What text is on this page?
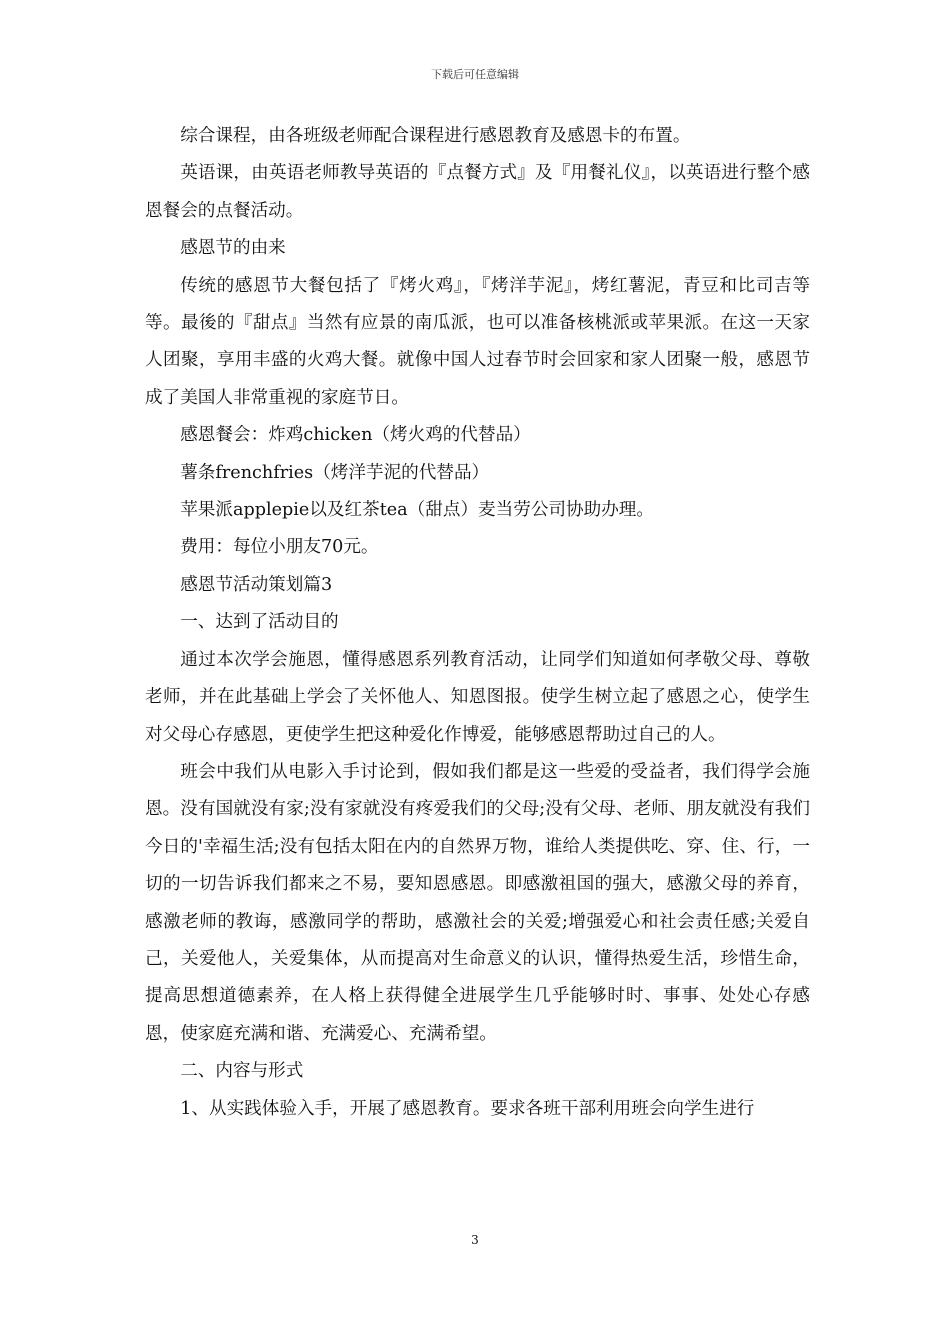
下载后可任意编辑

综合课程，由各班级老师配合课程进行感恩教育及感恩卡的布置。

英语课，由英语老师教导英语的『点餐方式』及『用餐礼仪』，以英语进行整个感恩餐会的点餐活动。

感恩节的由来

传统的感恩节大餐包括了『烤火鸡』，『烤洋芋泥』，烤红薯泥，青豆和比司吉等等。最後的『甜点』当然有应景的南瓜派，也可以准备核桃派或苹果派。在这一天家人团聚，享用丰盛的火鸡大餐。就像中国人过春节时会回家和家人团聚一般，感恩节成了美国人非常重视的家庭节日。

感恩餐会：炸鸡chicken（烤火鸡的代替品）

薯条frenchfries（烤洋芋泥的代替品）

苹果派applepie以及红茶tea（甜点）麦当劳公司协助办理。

费用：每位小朋友70元。

感恩节活动策划篇3

一、达到了活动目的

通过本次学会施恩，懂得感恩系列教育活动，让同学们知道如何孝敬父母、尊敬老师，并在此基础上学会了关怀他人、知恩图报。使学生树立起了感恩之心，使学生对父母心存感恩，更使学生把这种爱化作博爱，能够感恩帮助过自己的人。

班会中我们从电影入手讨论到，假如我们都是这一些爱的受益者，我们得学会施恩。没有国就没有家;没有家就没有疼爱我们的父母;没有父母、老师、朋友就没有我们今日的'幸福生活;没有包括太阳在内的自然界万物，谁给人类提供吃、穿、住、行，一切的一切告诉我们都来之不易，要知恩感恩。即感激祖国的强大，感激父母的养育，感激老师的教诲，感激同学的帮助，感激社会的关爱;增强爱心和社会责任感;关爱自己，关爱他人，关爱集体，从而提高对生命意义的认识，懂得热爱生活，珍惜生命，提高思想道德素养，在人格上获得健全进展学生几乎能够时时、事事、处处心存感恩，使家庭充满和谐、充满爱心、充满希望。

二、内容与形式

1、从实践体验入手，开展了感恩教育。要求各班干部利用班会向学生进行

3
